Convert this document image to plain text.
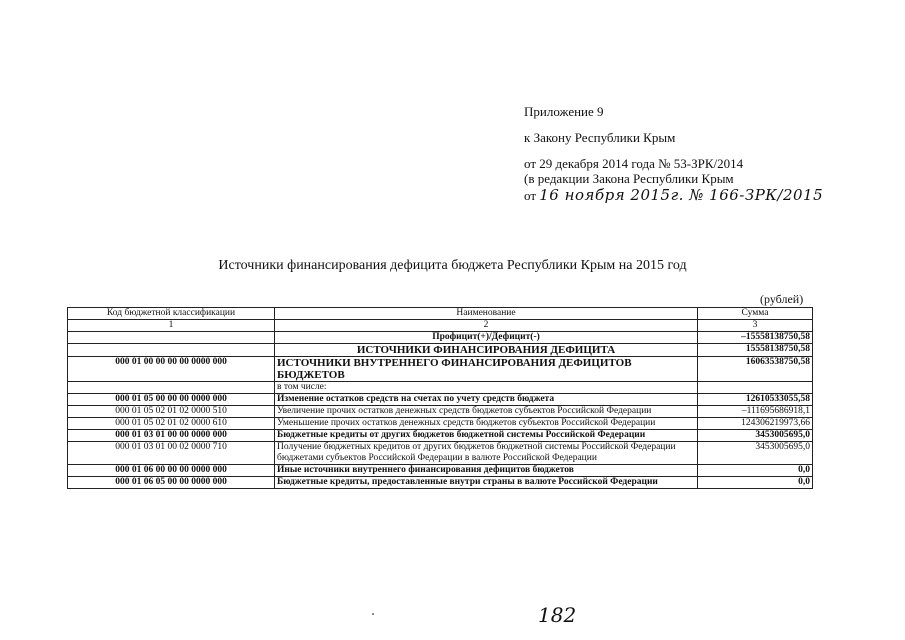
Приложение 9
к Закону Республики Крым
от 29 декабря 2014 года № 53-ЗРК/2014
(в редакции Закона Республики Крым
от 16 ноября 2015г. № 166-ЗРК/2015
Источники финансирования дефицита бюджета Республики Крым на 2015 год
(рублей)
Код бюджетной классификации	Наименование	Сумма
1	2	3
	Профицит(+)/Дефицит(-)	–15558138750,58
	ИСТОЧНИКИ ФИНАНСИРОВАНИЯ ДЕФИЦИТА	15558138750,58
000 01 00 00 00 00 0000 000	ИСТОЧНИКИ ВНУТРЕННЕГО ФИНАНСИРОВАНИЯ ДЕФИЦИТОВ БЮДЖЕТОВ	16063538750,58
	в том числе:	
000 01 05 00 00 00 0000 000	Изменение остатков средств на счетах по учету средств бюджета	12610533055,58
000 01 05 02 01 02 0000 510	Увеличение прочих остатков денежных средств бюджетов субъектов Российской Федерации	–111695686918,1
000 01 05 02 01 02 0000 610	Уменьшение прочих остатков денежных средств бюджетов субъектов Российской Федерации	124306219973,66
000 01 03 01 00 00 0000 000	Бюджетные кредиты от других бюджетов бюджетной системы Российской Федерации	3453005695,0
000 01 03 01 00 02 0000 710	Получение бюджетных кредитов от других бюджетов бюджетной системы Российской Федерации бюджетами субъектов Российской Федерации в валюте Российской Федерации	3453005695,0
000 01 06 00 00 00 0000 000	Иные источники внутреннего финансирования дефицитов бюджетов	0,0
000 01 06 05 00 00 0000 000	Бюджетные кредиты, предоставленные внутри страны в валюте Российской Федерации	0,0
182
